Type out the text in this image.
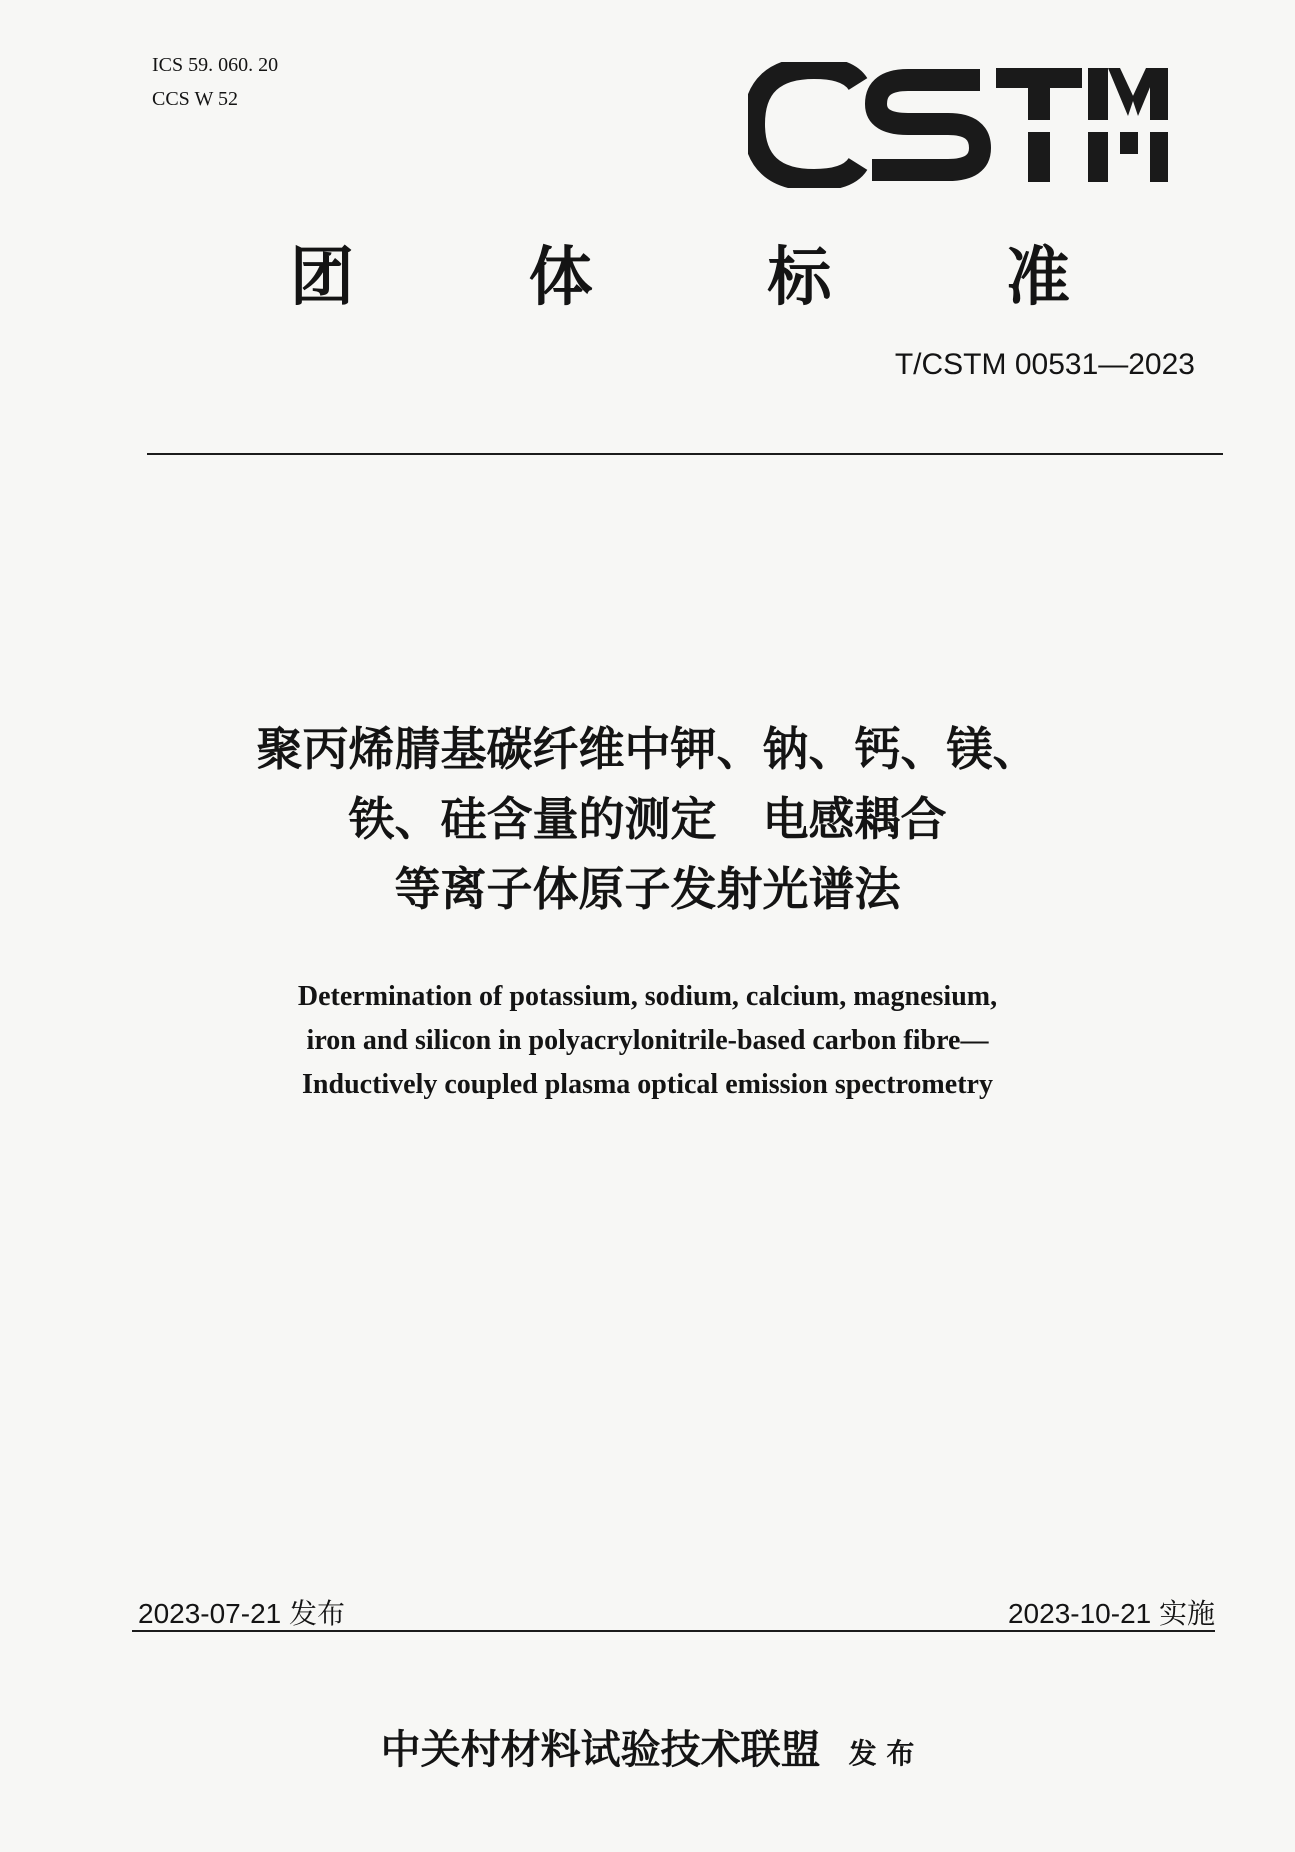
ICS 59. 060. 20
CCS W 52
团	体	标	准
T/CSTM 00531—2023
聚丙烯腈基碳纤维中钾、钠、钙、镁、
铁、硅含量的测定　电感耦合
等离子体原子发射光谱法
Determination of potassium, sodium, calcium, magnesium,
iron and silicon in polyacrylonitrile-based carbon fibre—
Inductively coupled plasma optical emission spectrometry
2023-07-21 发布	2023-10-21 实施
中关村材料试验技术联盟 发 布
